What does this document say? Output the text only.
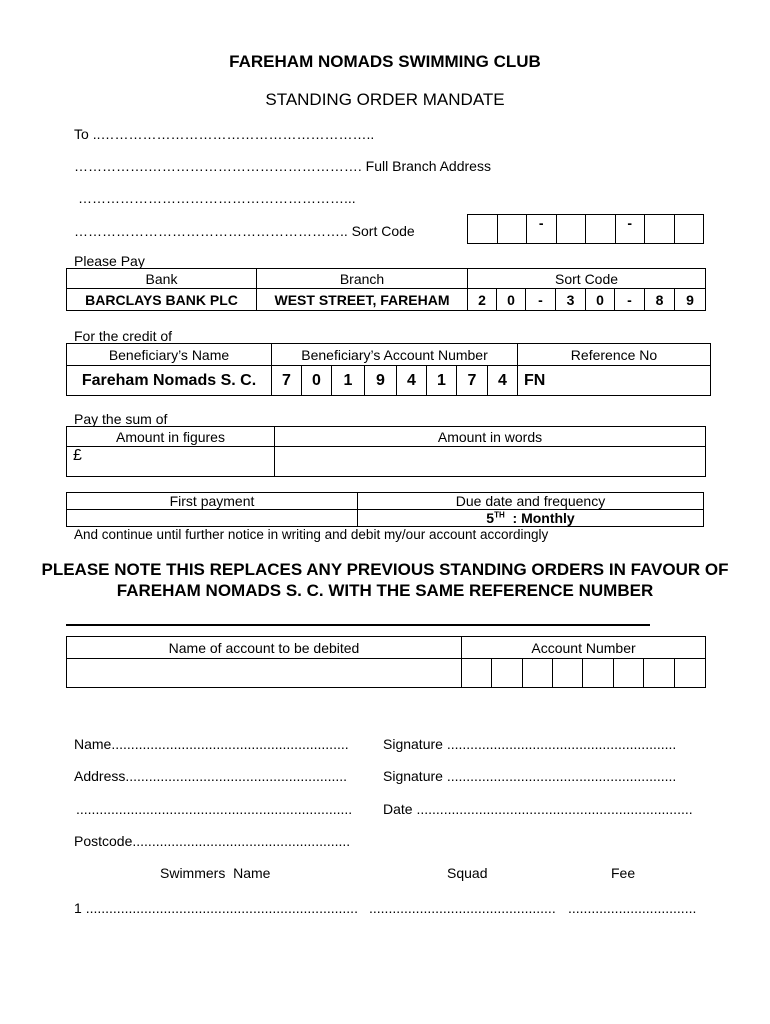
FAREHAM NOMADS SWIMMING CLUB
STANDING ORDER MANDATE
To ..…………………………………………………..
…………….………………………………………. Full Branch Address
…………………………………………………...
………………………………………………….. Sort Code
			-			-		
Please Pay
Bank	Branch	Sort Code							
BARCLAYS BANK PLC	WEST STREET, FAREHAM	2	0	-	3	0	-	8	9
For the credit of
Beneficiary’s Name	Beneficiary’s Account Number								Reference No
Fareham Nomads S. C.	7	0	1	9	4	1	7	4	FN
Pay the sum of
Amount in figures	Amount in words
£	
First payment	Due date and frequency
	5TH  : Monthly
And continue until further notice in writing and debit my/our account accordingly
PLEASE NOTE THIS REPLACES ANY PREVIOUS STANDING ORDERS IN FAVOUR OF FAREHAM NOMADS S. C. WITH THE SAME REFERENCE NUMBER
Name of account to be debited	Account Number							

Name............................................................. Signature ...........................................................
Address.........................................................	Signature ...........................................................
....................................................................... Date .......................................................................
Postcode........................................................
Swimmers  Name	Squad	Fee
1 ...................................................................... ................................................ .................................
